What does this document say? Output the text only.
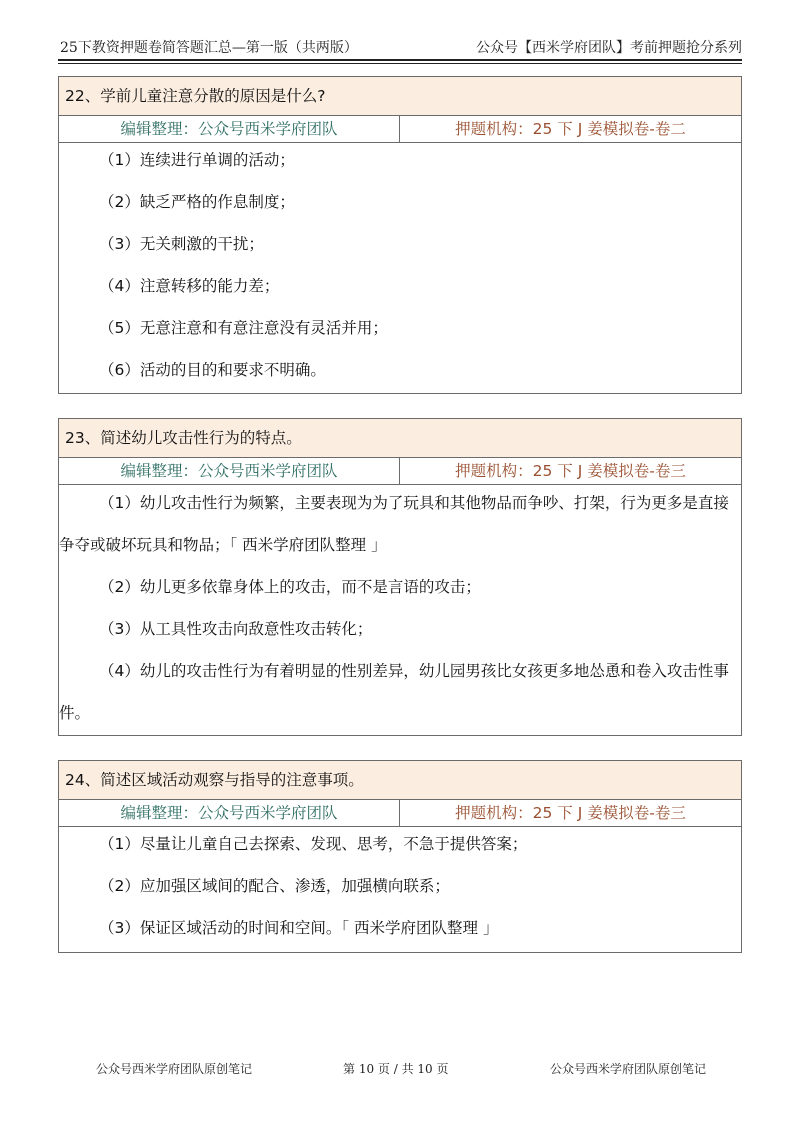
25下教资押题卷简答题汇总—第一版（共两版）	公众号【西米学府团队】考前押题抢分系列
22、学前儿童注意分散的原因是什么?
编辑整理：公众号西米学府团队	押题机构：25 下 J 姜模拟卷-卷二
（1）连续进行单调的活动；
（2）缺乏严格的作息制度；
（3）无关刺激的干扰；
（4）注意转移的能力差；
（5）无意注意和有意注意没有灵活并用；
（6）活动的目的和要求不明确。
23、简述幼儿攻击性行为的特点。
编辑整理：公众号西米学府团队	押题机构：25 下 J 姜模拟卷-卷三
（1）幼儿攻击性行为频繁，主要表现为为了玩具和其他物品而争吵、打架，行为更多是直接
争夺或破坏玩具和物品；「 西米学府团队整理 」
（2）幼儿更多依靠身体上的攻击，而不是言语的攻击；
（3）从工具性攻击向敌意性攻击转化；
（4）幼儿的攻击性行为有着明显的性别差异，幼儿园男孩比女孩更多地怂恿和卷入攻击性事
件。
24、简述区域活动观察与指导的注意事项。
编辑整理：公众号西米学府团队	押题机构：25 下 J 姜模拟卷-卷三
（1）尽量让儿童自己去探索、发现、思考，不急于提供答案；
（2）应加强区域间的配合、渗透，加强横向联系；
（3）保证区域活动的时间和空间。「 西米学府团队整理 」
公众号西米学府团队原创笔记	第 10 页 / 共 10 页	公众号西米学府团队原创笔记
